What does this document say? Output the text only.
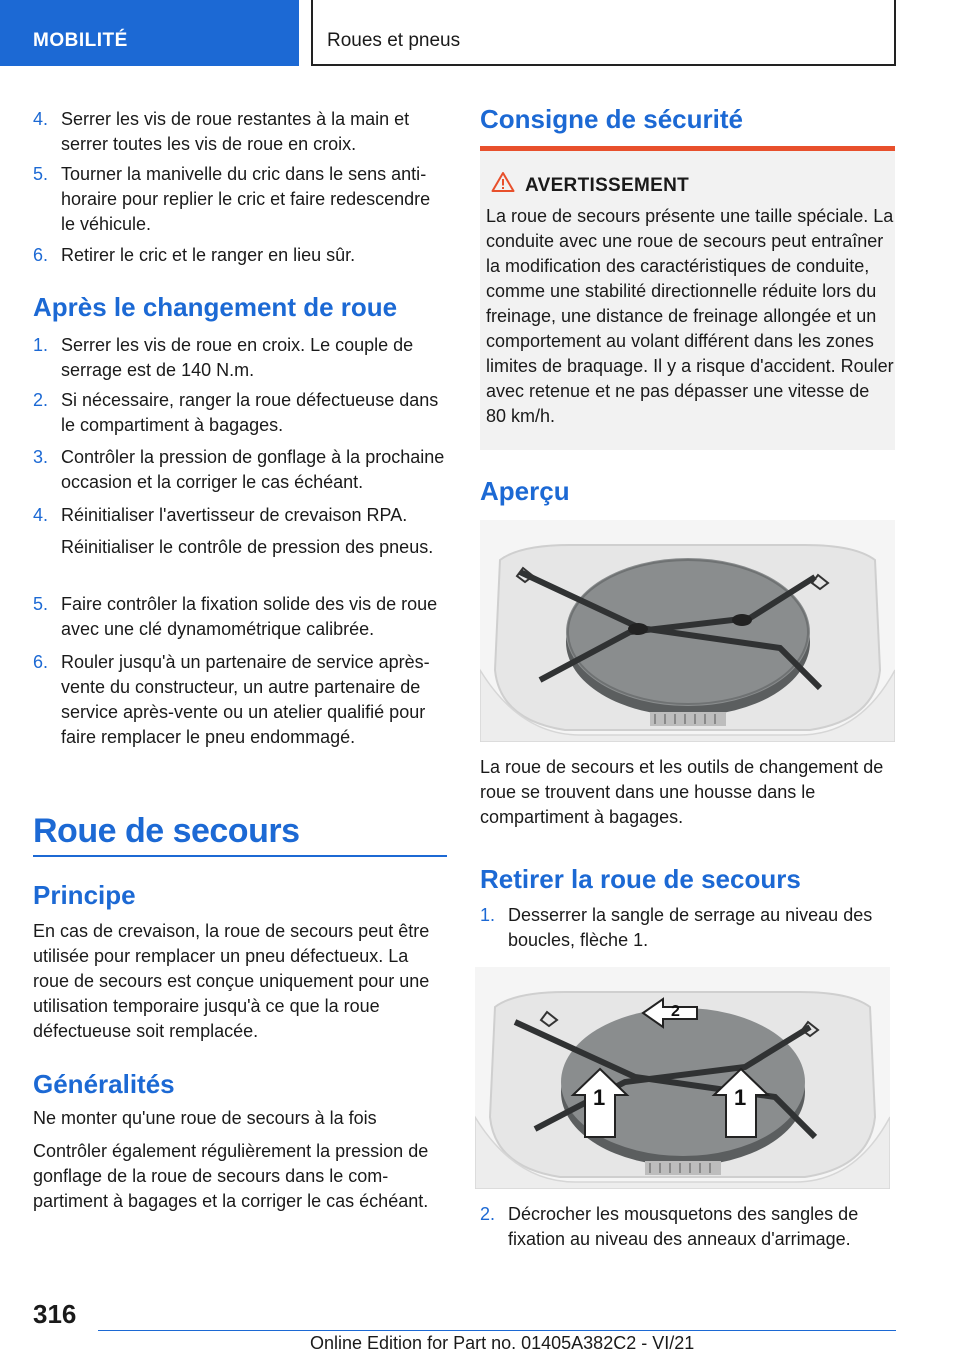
MOBILITÉ	Roues et pneus
4. Serrer les vis de roue restantes à la main et serrer toutes les vis de roue en croix.
5. Tourner la manivelle du cric dans le sens antihoraire pour replier le cric et faire redescendre le véhicule.
6. Retirer le cric et le ranger en lieu sûr.
Après le changement de roue
1. Serrer les vis de roue en croix. Le couple de serrage est de 140 N.m.
2. Si nécessaire, ranger la roue défectueuse dans le compartiment à bagages.
3. Contrôler la pression de gonflage à la prochaine occasion et la corriger le cas échéant.
4. Réinitialiser l'avertisseur de crevaison RPA.
Réinitialiser le contrôle de pression des pneus.
5. Faire contrôler la fixation solide des vis de roue avec une clé dynamométrique calibrée.
6. Rouler jusqu'à un partenaire de service après-vente du constructeur, un autre partenaire de service après-vente ou un atelier qualifié pour faire remplacer le pneu endommagé.
Roue de secours
Principe
En cas de crevaison, la roue de secours peut être utilisée pour remplacer un pneu défectueux. La roue de secours est conçue uniquement pour une utilisation temporaire jusqu'à ce que la roue défectueuse soit remplacée.
Généralités
Ne monter qu'une roue de secours à la fois
Contrôler également régulièrement la pression de gonflage de la roue de secours dans le compartiment à bagages et la corriger le cas échéant.
Consigne de sécurité
AVERTISSEMENT
La roue de secours présente une taille spéciale. La conduite avec une roue de secours peut entraîner la modification des caractéristiques de conduite, comme une stabilité directionnelle réduite lors du freinage, une distance de freinage allongée et un comportement au volant différent dans les zones limites de braquage. Il y a risque d'accident. Rouler avec retenue et ne pas dépasser une vitesse de 80 km/h.
Aperçu
La roue de secours et les outils de changement de roue se trouvent dans une housse dans le compartiment à bagages.
Retirer la roue de secours
1. Desserrer la sangle de serrage au niveau des boucles, flèche 1.
1	1
2
2. Décrocher les mousquetons des sangles de fixation au niveau des anneaux d'arrimage.
316
Online Edition for Part no. 01405A382C2 - VI/21
